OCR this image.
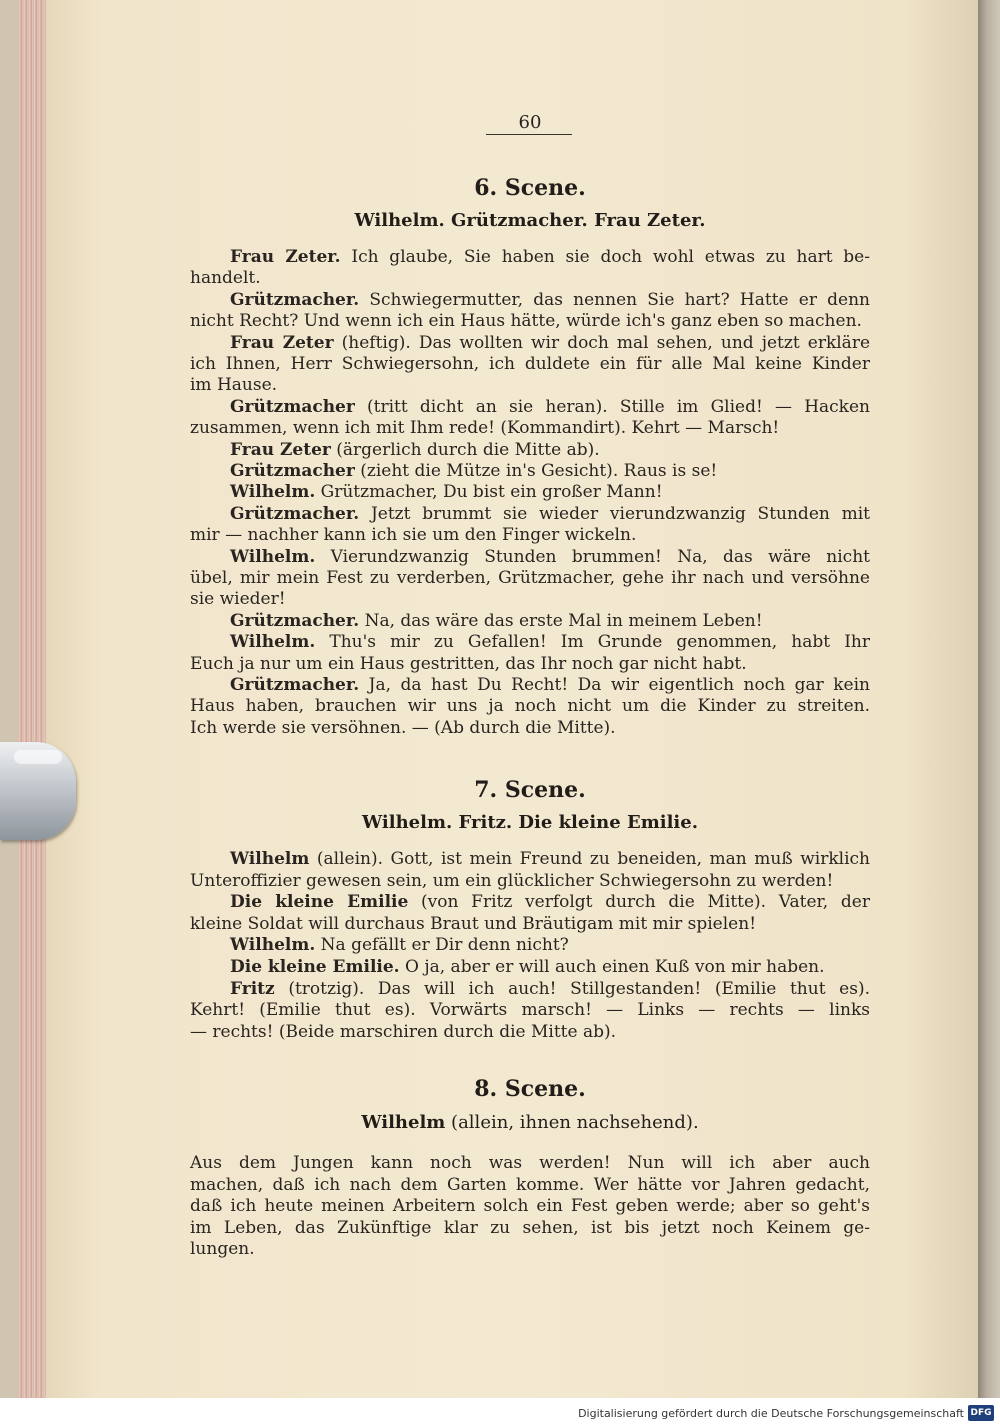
60
6. Scene.
Wilhelm. Grützmacher. Frau Zeter.
Frau Zeter. Ich glaube, Sie haben sie doch wohl etwas zu hart be-
handelt.
Grützmacher. Schwiegermutter, das nennen Sie hart? Hatte er denn
nicht Recht? Und wenn ich ein Haus hätte, würde ich's ganz eben so machen.
Frau Zeter (heftig). Das wollten wir doch mal sehen, und jetzt erkläre
ich Ihnen, Herr Schwiegersohn, ich duldete ein für alle Mal keine Kinder
im Hause.
Grützmacher (tritt dicht an sie heran). Stille im Glied! — Hacken
zusammen, wenn ich mit Ihm rede! (Kommandirt). Kehrt — Marsch!
Frau Zeter (ärgerlich durch die Mitte ab).
Grützmacher (zieht die Mütze in's Gesicht). Raus is se!
Wilhelm. Grützmacher, Du bist ein großer Mann!
Grützmacher. Jetzt brummt sie wieder vierundzwanzig Stunden mit
mir — nachher kann ich sie um den Finger wickeln.
Wilhelm. Vierundzwanzig Stunden brummen! Na, das wäre nicht
übel, mir mein Fest zu verderben, Grützmacher, gehe ihr nach und versöhne
sie wieder!
Grützmacher. Na, das wäre das erste Mal in meinem Leben!
Wilhelm. Thu's mir zu Gefallen! Im Grunde genommen, habt Ihr
Euch ja nur um ein Haus gestritten, das Ihr noch gar nicht habt.
Grützmacher. Ja, da hast Du Recht! Da wir eigentlich noch gar kein
Haus haben, brauchen wir uns ja noch nicht um die Kinder zu streiten.
Ich werde sie versöhnen. — (Ab durch die Mitte).
7. Scene.
Wilhelm. Fritz. Die kleine Emilie.
Wilhelm (allein). Gott, ist mein Freund zu beneiden, man muß wirklich
Unteroffizier gewesen sein, um ein glücklicher Schwiegersohn zu werden!
Die kleine Emilie (von Fritz verfolgt durch die Mitte). Vater, der
kleine Soldat will durchaus Braut und Bräutigam mit mir spielen!
Wilhelm. Na gefällt er Dir denn nicht?
Die kleine Emilie. O ja, aber er will auch einen Kuß von mir haben.
Fritz (trotzig). Das will ich auch! Stillgestanden! (Emilie thut es).
Kehrt! (Emilie thut es). Vorwärts marsch! — Links — rechts — links
— rechts! (Beide marschiren durch die Mitte ab).
8. Scene.
Wilhelm (allein, ihnen nachsehend).
Aus dem Jungen kann noch was werden! Nun will ich aber auch
machen, daß ich nach dem Garten komme. Wer hätte vor Jahren gedacht,
daß ich heute meinen Arbeitern solch ein Fest geben werde; aber so geht's
im Leben, das Zukünftige klar zu sehen, ist bis jetzt noch Keinem ge-
lungen.
Digitalisierung gefördert durch die Deutsche Forschungsgemeinschaft DFG
